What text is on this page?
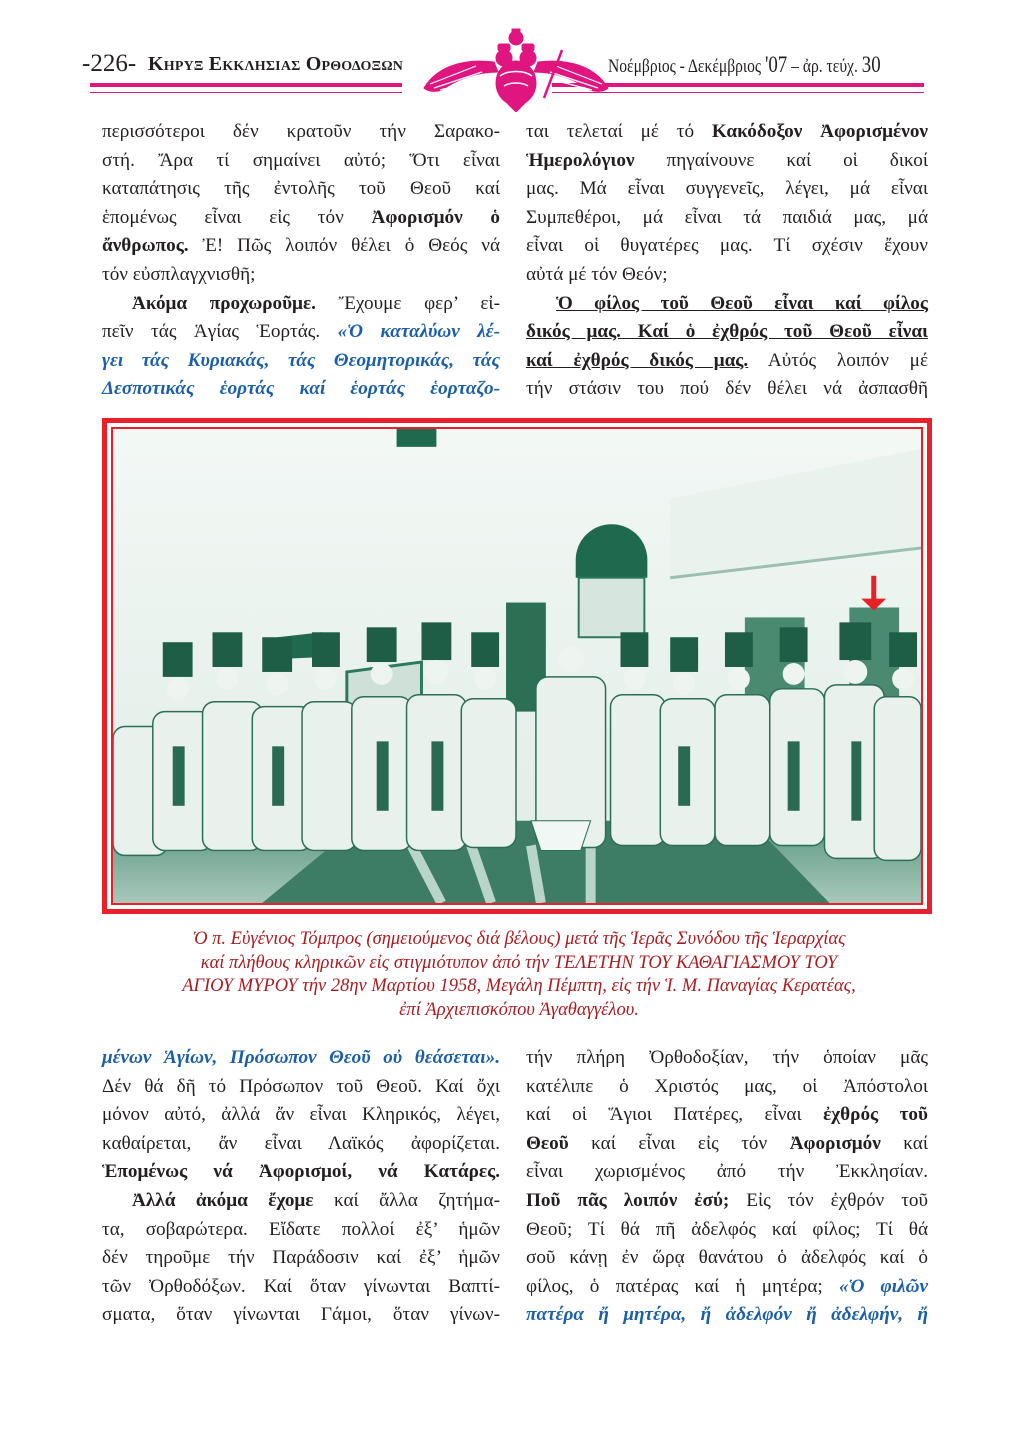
-226- Κηρυξ Εκκλησιας Ορθοδοξων	Νοέμβριος - Δεκέμβριος '07 – ἀρ. τεύχ. 30
περισσότεροι δέν κρατοῦν τήν Σαρακο-
στή. Ἄρα τί σημαίνει αὐτό; Ὅτι εἶναι
καταπάτησις τῆς ἐντολῆς τοῦ Θεοῦ καί
ἑπομένως εἶναι εἰς τόν Ἀφορισμόν ὁ
ἄνθρωπος. Ἐ! Πῶς λοιπόν θέλει ὁ Θεός νά
τόν εὐσπλαγχνισθῆ;
Ἀκόμα προχωροῦμε. Ἔχουμε φερ’ εἰ-
πεῖν τάς Ἁγίας Ἑορτάς. «Ὁ καταλύων λέ-
γει τάς Κυριακάς, τάς Θεομητορικάς, τάς
Δεσποτικάς ἑορτάς καί ἑορτάς ἑορταζο-
ται τελεταί μέ τό Κακόδοξον Ἀφορισμένον
Ἡμερολόγιον πηγαίνουνε καί οἱ δικοί
μας. Μά εἶναι συγγενεῖς, λέγει, μά εἶναι
Συμπεθέροι, μά εἶναι τά παιδιά μας, μά
εἶναι οἱ θυγατέρες μας. Τί σχέσιν ἔχουν
αὐτά μέ τόν Θεόν;
Ὁ φίλος τοῦ Θεοῦ εἶναι καί φίλος
δικός μας. Καί ὁ ἐχθρός τοῦ Θεοῦ εἶναι
καί ἐχθρός δικός μας. Αὐτός λοιπόν μέ
τήν στάσιν του πού δέν θέλει νά ἀσπασθῆ
Ὁ π. Εὐγένιος Τόμπρος (σημειούμενος διά βέλους) μετά τῆς Ἱερᾶς Συνόδου τῆς Ἱεραρχίας
καί πλήθους κληρικῶν εἰς στιγμιότυπον ἀπό τήν ΤΕΛΕΤΗΝ ΤΟΥ ΚΑΘΑΓΙΑΣΜΟΥ ΤΟΥ
ΑΓΙΟΥ ΜΥΡΟΥ τήν 28ην Μαρτίου 1958, Μεγάλη Πέμπτη, εἰς τήν Ἱ. Μ. Παναγίας Κερατέας,
ἐπί Ἀρχιεπισκόπου Ἀγαθαγγέλου.
μένων Ἁγίων, Πρόσωπον Θεοῦ οὐ θεάσεται».
Δέν θά δῆ τό Πρόσωπον τοῦ Θεοῦ. Καί ὄχι
μόνον αὐτό, ἀλλά ἄν εἶναι Κληρικός, λέγει,
καθαίρεται, ἄν εἶναι Λαϊκός ἀφορίζεται.
Ἑπομένως νά Ἀφορισμοί, νά Κατάρες.
Ἀλλά ἀκόμα ἔχομε καί ἄλλα ζητήμα-
τα, σοβαρώτερα. Εἴδατε πολλοί ἐξ’ ἡμῶν
δέν τηροῦμε τήν Παράδοσιν καί ἐξ’ ἡμῶν
τῶν Ὀρθοδόξων. Καί ὅταν γίνωνται Βαπτί-
σματα, ὅταν γίνωνται Γάμοι, ὅταν γίνων-
τήν πλήρη Ὀρθοδοξίαν, τήν ὁποίαν μᾶς
κατέλιπε ὁ Χριστός μας, οἱ Ἀπόστολοι
καί οἱ Ἅγιοι Πατέρες, εἶναι ἐχθρός τοῦ
Θεοῦ καί εἶναι εἰς τόν Ἀφορισμόν καί
εἶναι χωρισμένος ἀπό τήν Ἐκκλησίαν.
Ποῦ πᾶς λοιπόν ἐσύ; Εἰς τόν ἐχθρόν τοῦ
Θεοῦ; Τί θά πῆ ἀδελφός καί φίλος; Τί θά
σοῦ κάνῃ ἐν ὥρᾳ θανάτου ὁ ἀδελφός καί ὁ
φίλος, ὁ πατέρας καί ἡ μητέρα; «Ὁ φιλῶν
πατέρα ἤ μητέρα, ἤ ἀδελφόν ἤ ἀδελφήν, ἤ
